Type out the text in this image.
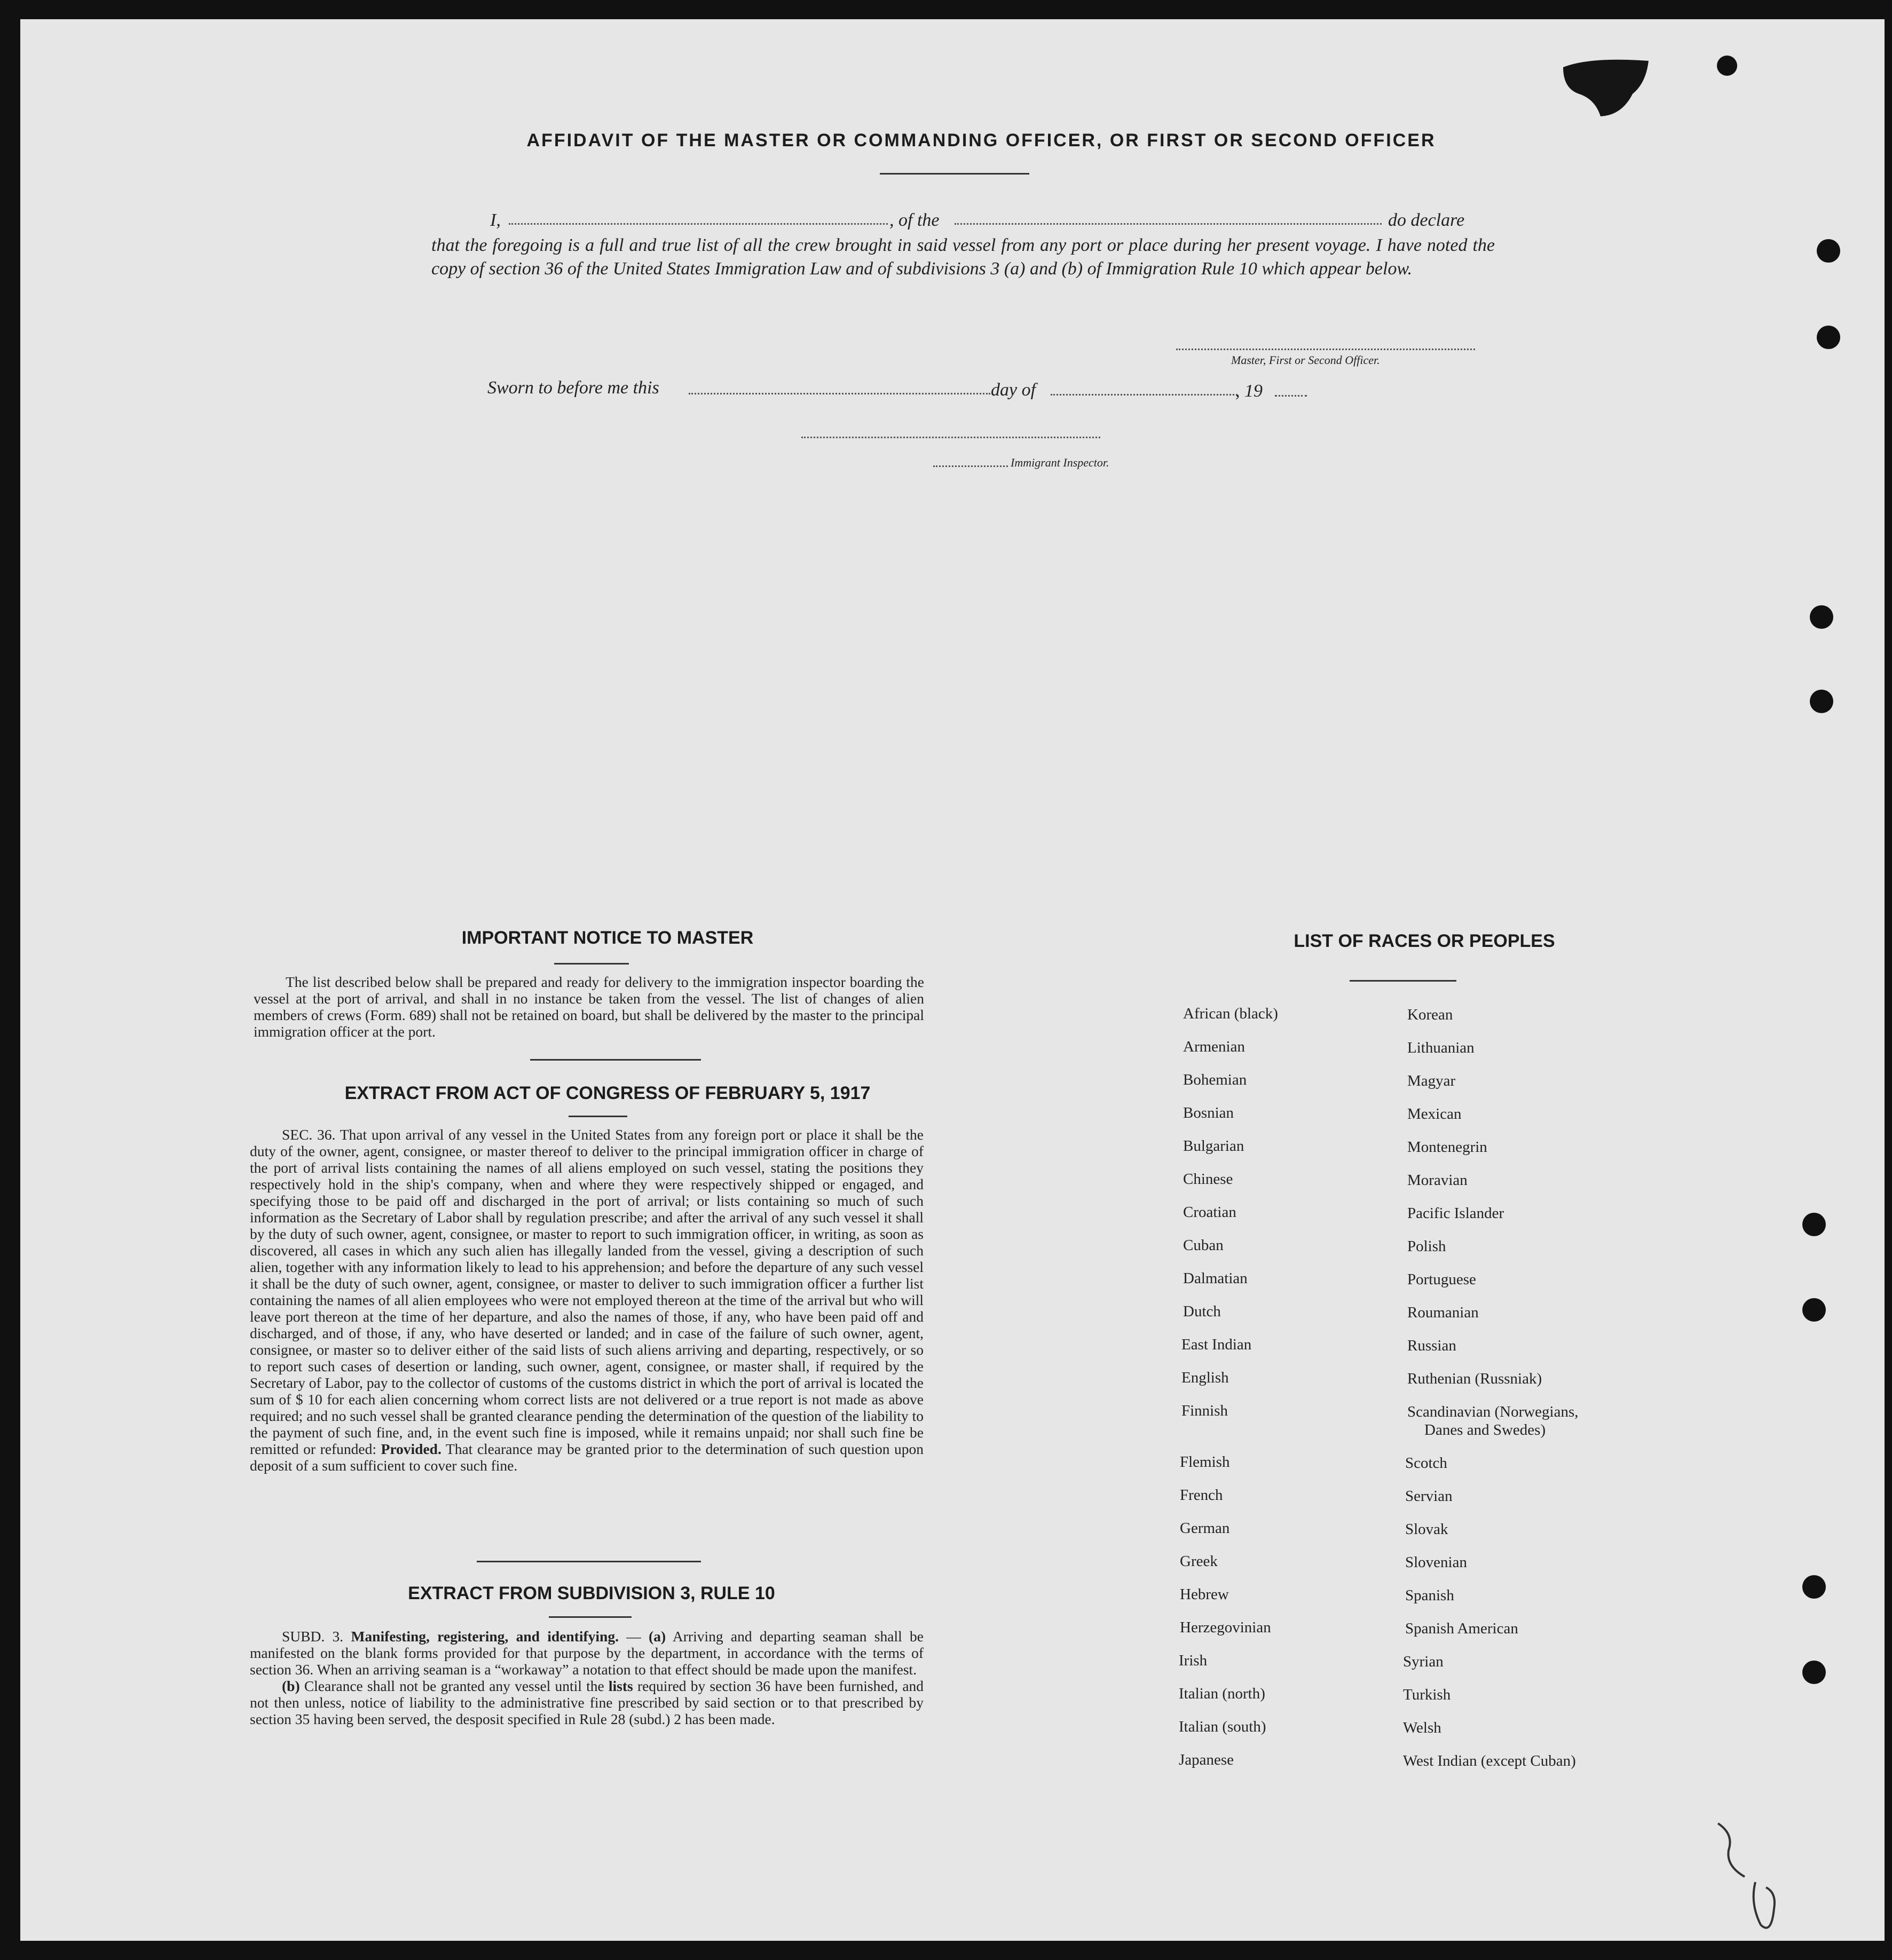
AFFIDAVIT OF THE MASTER OR COMMANDING OFFICER, OR FIRST OR SECOND OFFICER
I,	, of the	do declare
that the foregoing is a full and true list of all the crew brought in said vessel from any port or place during her present voyage. I have noted the copy of section 36 of the United States Immigration Law and of subdivisions 3 (a) and (b) of Immigration Rule 10 which appear below.
Master, First or Second Officer.
Sworn to before me this	day of	, 19
Immigrant Inspector.
IMPORTANT NOTICE TO MASTER
The list described below shall be prepared and ready for delivery to the immigration inspector boarding the vessel at the port of arrival, and shall in no instance be taken from the vessel. The list of changes of alien members of crews (Form. 689) shall not be retained on board, but shall be delivered by the master to the principal immigration officer at the port.
EXTRACT FROM ACT OF CONGRESS OF FEBRUARY 5, 1917
SEC. 36. That upon arrival of any vessel in the United States from any foreign port or place it shall be the duty of the owner, agent, consignee, or master thereof to deliver to the principal immigration officer in charge of the port of arrival lists containing the names of all aliens employed on such vessel, stating the positions they respectively hold in the ship's company, when and where they were respectively shipped or engaged, and specifying those to be paid off and discharged in the port of arrival; or lists containing so much of such information as the Secretary of Labor shall by regulation prescribe; and after the arrival of any such vessel it shall by the duty of such owner, agent, consignee, or master to report to such immigration officer, in writing, as soon as discovered, all cases in which any such alien has illegally landed from the vessel, giving a description of such alien, together with any information likely to lead to his apprehension; and before the departure of any such vessel it shall be the duty of such owner, agent, consignee, or master to deliver to such immigration officer a further list containing the names of all alien employees who were not employed thereon at the time of the arrival but who will leave port thereon at the time of her departure, and also the names of those, if any, who have been paid off and discharged, and of those, if any, who have deserted or landed; and in case of the failure of such owner, agent, consignee, or master so to deliver either of the said lists of such aliens arriving and departing, respectively, or so to report such cases of desertion or landing, such owner, agent, consignee, or master shall, if required by the Secretary of Labor, pay to the collector of customs of the customs district in which the port of arrival is located the sum of $ 10 for each alien concerning whom correct lists are not delivered or a true report is not made as above required; and no such vessel shall be granted clearance pending the determination of the question of the liability to the payment of such fine, and, in the event such fine is imposed, while it remains unpaid; nor shall such fine be remitted or refunded: Provided. That clearance may be granted prior to the determination of such question upon deposit of a sum sufficient to cover such fine.
EXTRACT FROM SUBDIVISION 3, RULE 10
SUBD. 3. Manifesting, registering, and identifying. — (a) Arriving and departing seaman shall be manifested on the blank forms provided for that purpose by the department, in accordance with the terms of section 36. When an arriving seaman is a “workaway” a notation to that effect should be made upon the manifest.
(b) Clearance shall not be granted any vessel until the lists required by section 36 have been furnished, and not then unless, notice of liability to the administrative fine prescribed by said section or to that prescribed by section 35 having been served, the desposit specified in Rule 28 (subd.) 2 has been made.
LIST OF RACES OR PEOPLES
African (black)
Armenian
Bohemian
Bosnian
Bulgarian
Chinese
Croatian
Cuban
Dalmatian
Dutch
East Indian
English
Finnish
Flemish
French
German
Greek
Hebrew
Herzegovinian
Irish
Italian (north)
Italian (south)
Japanese
Korean
Lithuanian
Magyar
Mexican
Montenegrin
Moravian
Pacific Islander
Polish
Portuguese
Roumanian
Russian
Ruthenian (Russniak)
Scandinavian (Norwegians,
Danes and Swedes)
Scotch
Servian
Slovak
Slovenian
Spanish
Spanish American
Syrian
Turkish
Welsh
West Indian (except Cuban)
